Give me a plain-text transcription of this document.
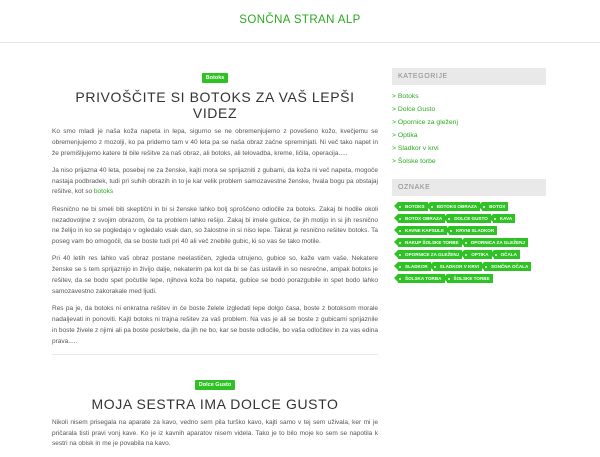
SONČNA STRAN ALP
Botoks
PRIVOŠČITE SI BOTOKS ZA VAŠ LEPŠI VIDEZ

Ko smo mladi je naša koža napeta in lepa, sigurno se ne obremenjujemo z povešeno kožo, kvečjemu se obremenjujemo z mozolji, ko pa pridemo tam v 40 leta pa se naša obraz začne spreminjati. Ni več tako napet in že premišljujemo katere bi bile rešitve za naš obraz, ali botoks, ali telovadba, kreme, ličila, operacija.....

Ja niso prijazna 40 leta, posebej ne za ženske, kajti mora se sprijazniti z gubami, da koža ni več napeta, mogoče nastaja podbradek, tudi pri suhih obrazih in to je kar velik problem samozavestne ženske, hvala bogu pa obstajaj rešitve, kot so botoks

Resnično ne bi smeli biti skeptični in bi si ženske lahko bolj sproščeno odločile za botoks. Zakaj bi hodile okoli nezadovoljne z svojim obrazom, če ta problem lahko rešijo. Zakaj bi imele gubice, če jih motijo in si jih resnično ne želijo in ko se pogledajo v ogledalo vsak dan, so žalostne in si niso lepe. Takrat je resnično rešitev botoks. Ta poseg vam bo omogočil, da se boste tudi pri 40 ali več znebile gubic, ki so vas še tako motile.

Pri 40 letih res lahko vaš obraz postane neelastičen, zgleda utrujeno, gubice so, kaže vam vaše. Nekatere ženske se s tem sprijaznijo in živijo dalje, nekaterim pa kot da bi se čas ustavili in so nesrečne, ampak botoks je rešitev, da se bodo spet počutile lepe, njihova koža bo napeta, gubice se bodo porazgubile in spet bodo lahko samozavestno zakorakale med ljudi.

Res pa je, da botoks ni enkratna rešitev in če boste želele izgledati lepe dolgo časa, boste z botoksom morale nadaljevati in ponoviti. Kajti botoks ni trajna rešitev za vaš problem. Na vas je ali se boste z gubicami sprijaznile in boste živele z njimi ali pa boste poskrbele, da jih ne bo, kar se boste odločile, bo vaša odločitev in za vas edina prava.....

Dolce Gusto
MOJA SESTRA IMA DOLCE GUSTO

Nikoli nisem prisegala na aparate za kavo, vedno sem pila turško kavo, kajti samo v tej sem uživala, ker mi je pričarala tisti pravi vonj kave. Ko je iz kavnih aparatov nisem videla. Tako je to bilo moje ko sem se napotila k sestri na obisk in me je povabila na kavo.

KATEGORIJE
> Botoks
> Dolce Gusto
> Opornice za gleženj
> Optika
> Sladkor v krvi
> Šolske torbe
OZNAKE
BOTOKS	BOTOKS OBRAZA	BOTOX
BOTOX OBRAZA	DOLCE GUSTO	KAVA
KAVNE KAPSULE	KRVNI SLADKOR
NAKUP ŠOLSKE TORBE	OPORNICA ZA GLEŽENJ
OPORNICE ZA GLEŽENJ	OPTIKA	OČALA
SLADKOR	SLADKOR V KRVI	SONČNA OČALA
ŠOLSKA TORBA	ŠOLSKE TORBE
